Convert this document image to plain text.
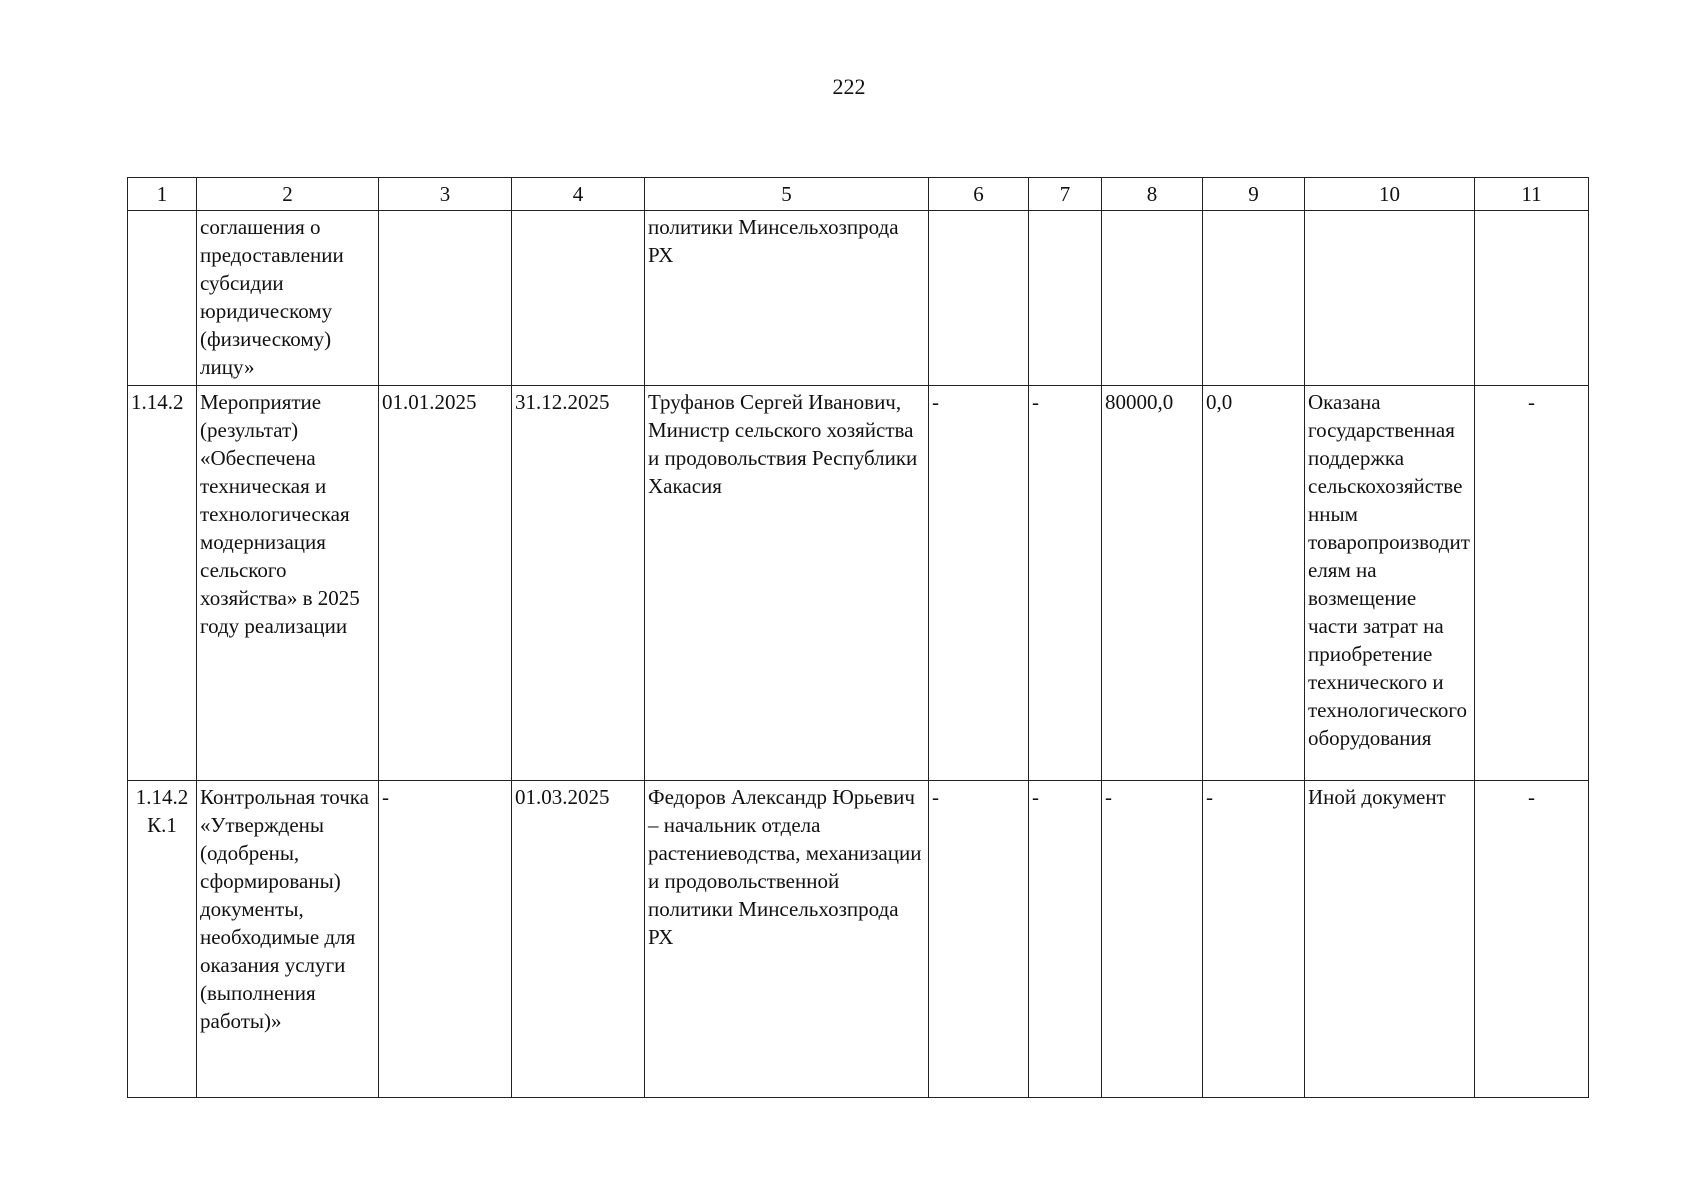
222
1	2	3	4	5	6	7	8	9	10	11
	соглашения о предоставлении субсидии юридическому (физическому) лицу»			политики Минсельхозпрода РХ						
1.14.2	Мероприятие (результат) «Обеспечена техническая и технологическая модернизация сельского хозяйства» в 2025 году реализации	01.01.2025	31.12.2025	Труфанов Сергей Иванович, Министр сельского хозяйства и продовольствия Республики Хакасия	-	-	80000,0	0,0	Оказана государственная поддержка сельскохозяйственным товаропроизводителям на возмещение части затрат на приобретение технического и технологического оборудования	-
1.14.2 К.1	Контрольная точка «Утверждены (одобрены, сформированы) документы, необходимые для оказания услуги (выполнения работы)»	-	01.03.2025	Федоров Александр Юрьевич – начальник отдела растениеводства, механизации и продовольственной политики Минсельхозпрода РХ	-	-	-	-	Иной документ	-
